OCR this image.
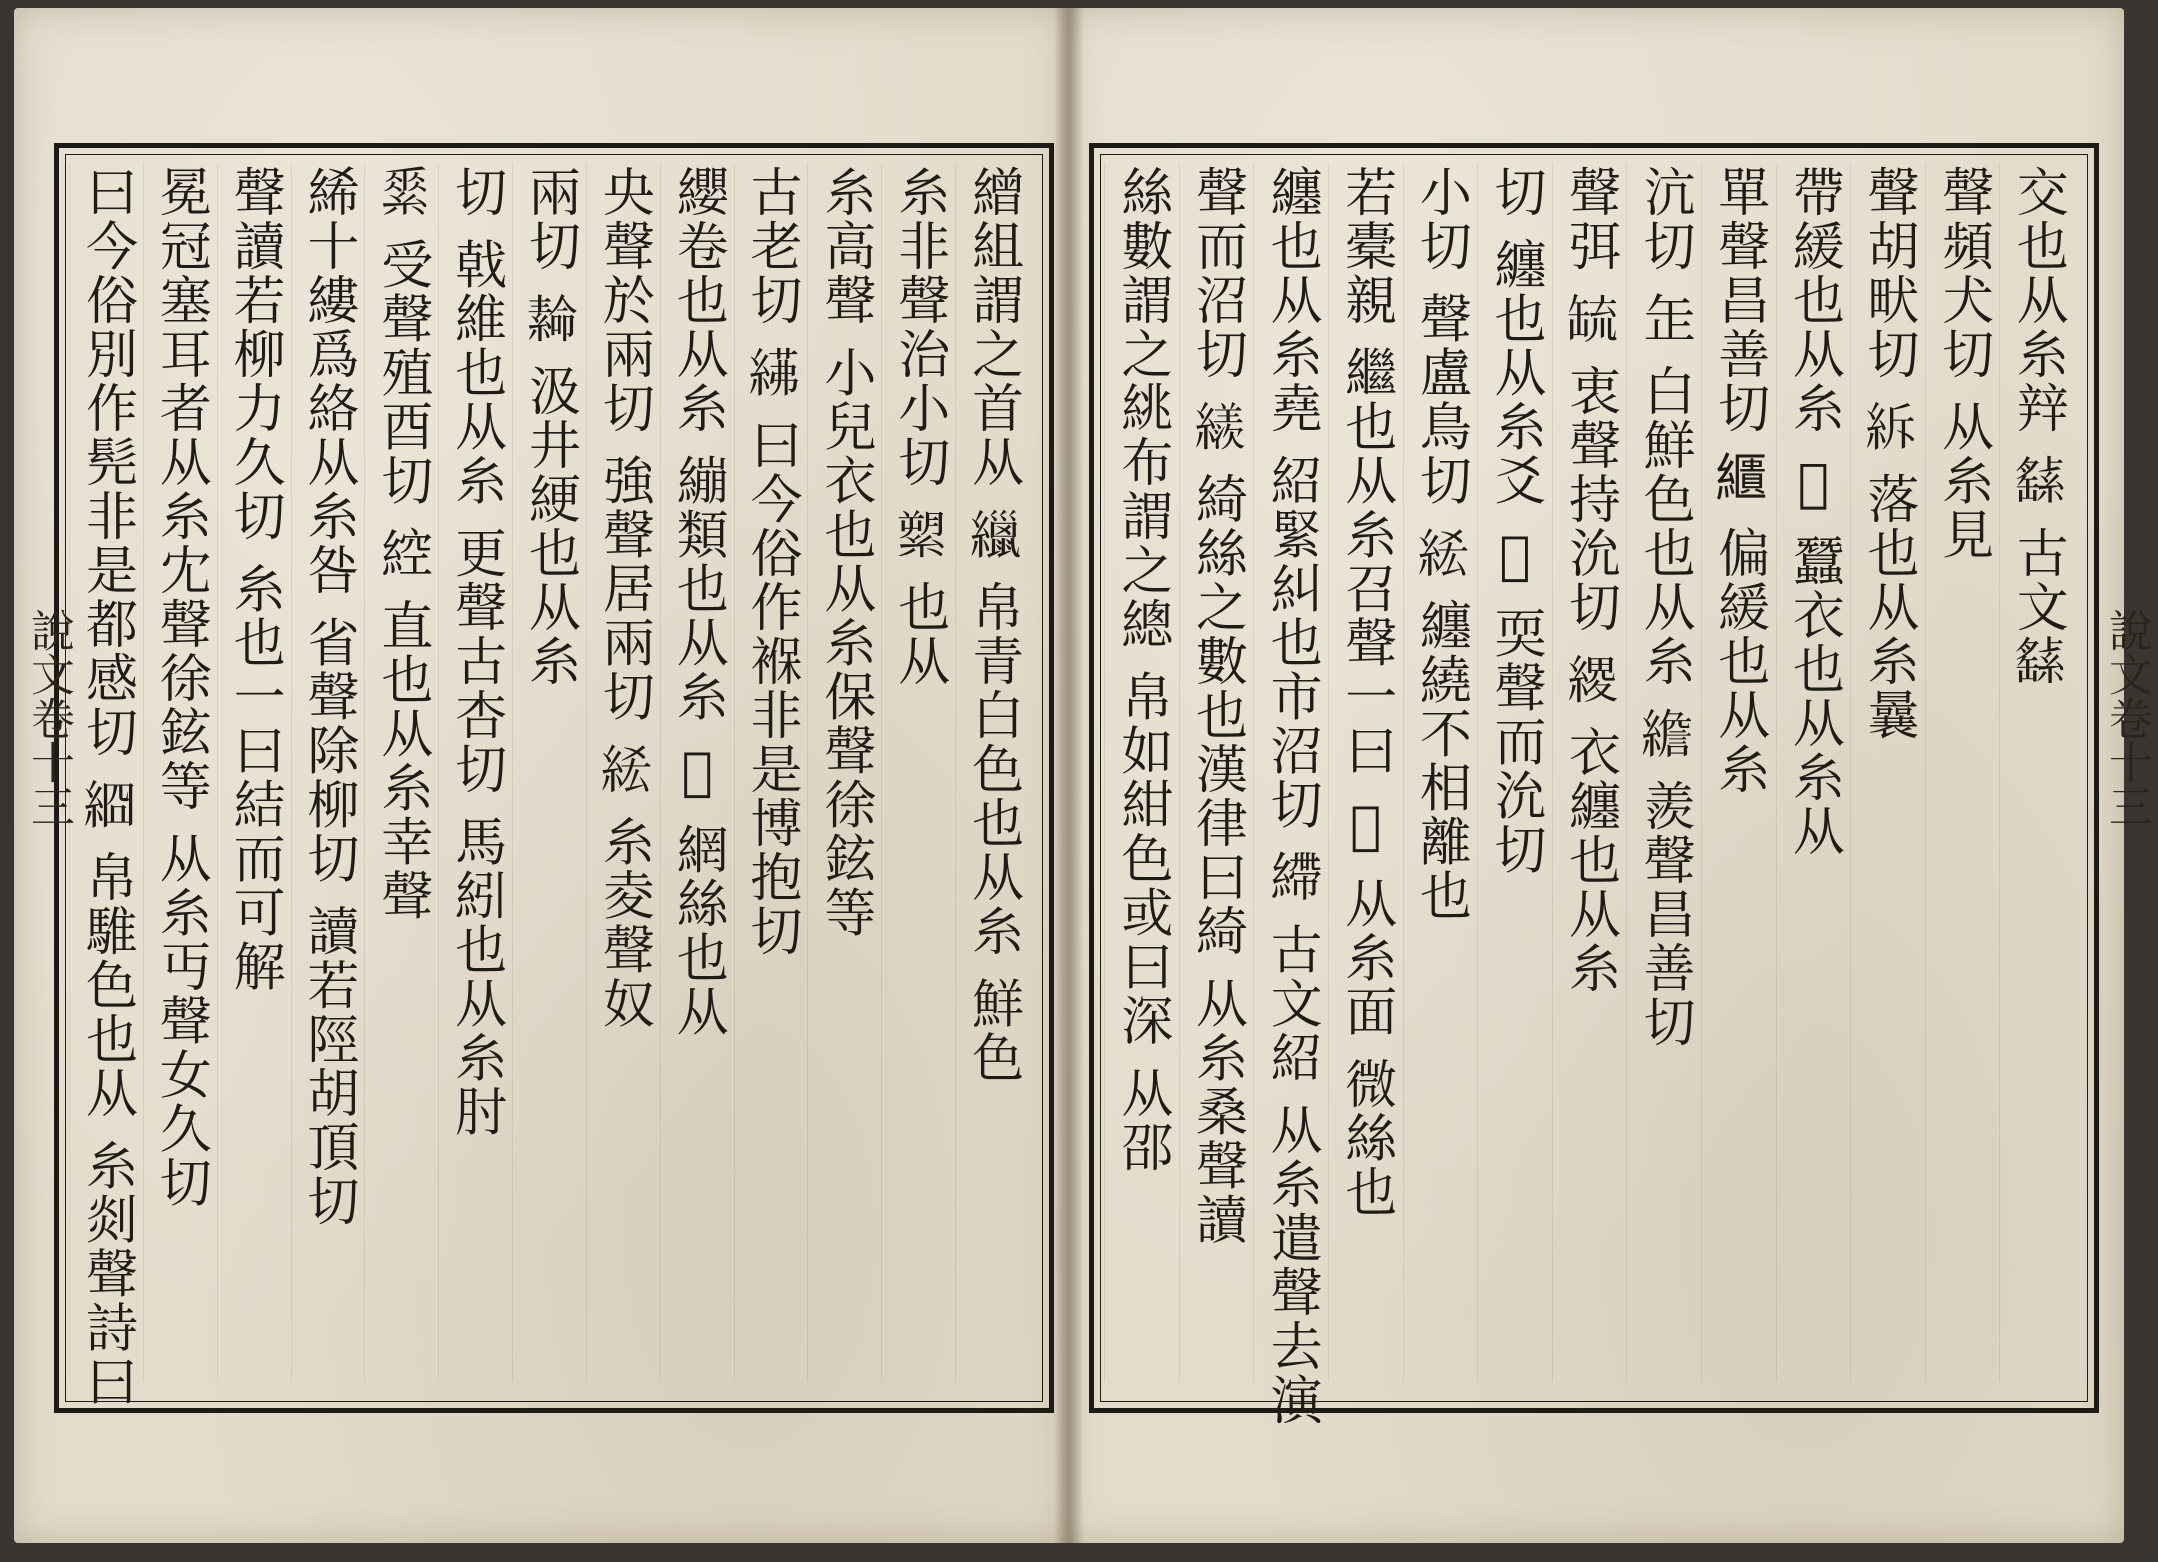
說文卷十三
說文卷十三
交也从糸辡 𦅸 古文𦅸
聲頻犬切 从糸見
聲胡畎切 𥿊 落也从糸曩
帶緩也从糸 𦄳 蠶衣也从糸从
單聲昌善切 𦆠 偏緩也从糸
沆切 𦈢 白鮮色也从糸 𦅼 羨聲昌善切
聲弭 𦈷 衷聲持沇切 𦃩 衣纏也从糸
切 纏也从糸爻 𦈉 耎聲而沇切
小切 聲盧鳥切 𥿭 纏繞不相離也
若橐親 繼也从糸召聲一曰 𦁮 从糸面 微絲也
纏也从糸堯 紹緊糾也市沼切 𦄂 古文紹 从糸遣聲去演
聲而沼切 𦆀 綺絲之數也漢律曰綺 从糸桑聲讀
絲數謂之絩布謂之總 帛如紺色或曰深 从邵
繒組謂之首从 𦆻 帛青白色也从糸 鮮色
糸非聲治小切 𦃗 也从
糸高聲 小兒衣也从糸保聲徐鉉等
古老切 𦂓 曰今俗作褓非是博抱切
纓卷也从糸 繃類也从糸 𦁹 網絲也从
央聲於兩切 強聲居兩切 𥿭 糸夌聲奴
兩切 𦅫 汲井綆也从糸
切 戟維也从糸 更聲古杏切 馬紖也从糸肘
𦃃 受聲殖酉切 𦁈 直也从糸幸聲
絺十縷爲絡从糸咎 省聲除柳切 讀若陘胡頂切
聲讀若柳力久切 糸也一曰結而可解
冕冠塞耳者从糸冘聲徐鉉等 从糸丏聲女久切
曰今俗別作髡非是都感切 𦀝 帛騅色也从 糸剡聲詩曰
